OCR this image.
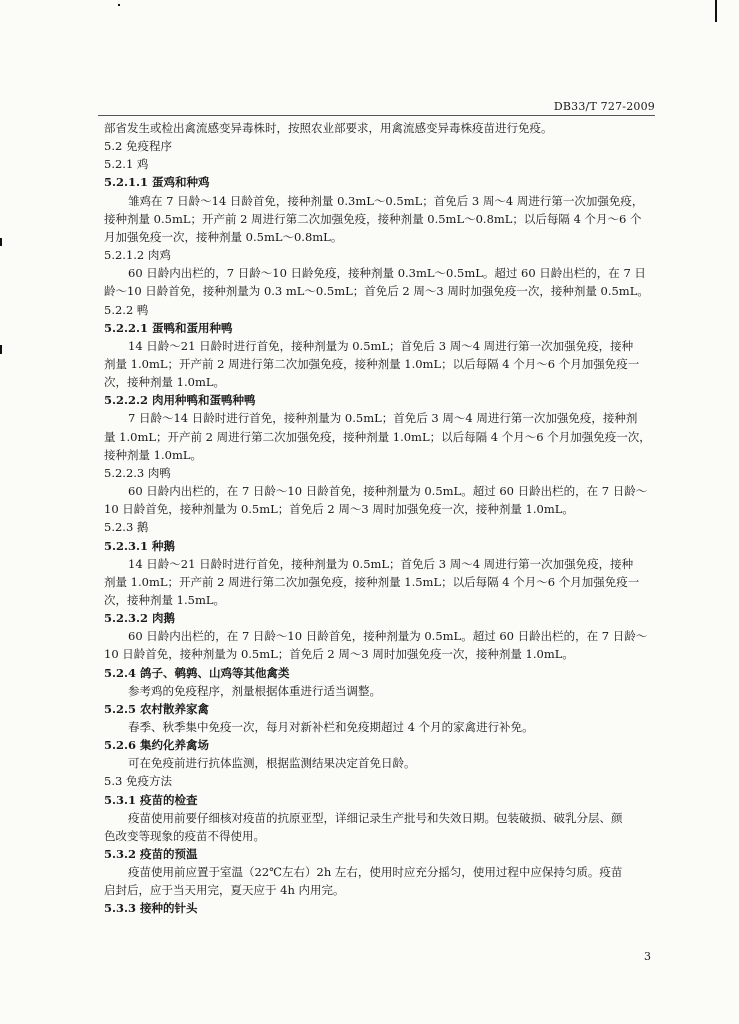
DB33/T 727-2009
部省发生或检出禽流感变异毒株时，按照农业部要求，用禽流感变异毒株疫苗进行免疫。
5.2 免疫程序
5.2.1 鸡
5.2.1.1 蛋鸡和种鸡
雏鸡在 7 日龄～14 日龄首免，接种剂量 0.3mL～0.5mL；首免后 3 周～4 周进行第一次加强免疫，
接种剂量 0.5mL；开产前 2 周进行第二次加强免疫，接种剂量 0.5mL～0.8mL；以后每隔 4 个月～6 个
月加强免疫一次，接种剂量 0.5mL～0.8mL。
5.2.1.2 肉鸡
60 日龄内出栏的，7 日龄～10 日龄免疫，接种剂量 0.3mL～0.5mL。超过 60 日龄出栏的，在 7 日
龄～10 日龄首免，接种剂量为 0.3 mL～0.5mL；首免后 2 周～3 周时加强免疫一次，接种剂量 0.5mL。
5.2.2 鸭
5.2.2.1 蛋鸭和蛋用种鸭
14 日龄～21 日龄时进行首免，接种剂量为 0.5mL；首免后 3 周～4 周进行第一次加强免疫，接种
剂量 1.0mL；开产前 2 周进行第二次加强免疫，接种剂量 1.0mL；以后每隔 4 个月～6 个月加强免疫一
次，接种剂量 1.0mL。
5.2.2.2 肉用种鸭和蛋鸭种鸭
7 日龄～14 日龄时进行首免，接种剂量为 0.5mL；首免后 3 周～4 周进行第一次加强免疫，接种剂
量 1.0mL；开产前 2 周进行第二次加强免疫，接种剂量 1.0mL；以后每隔 4 个月～6 个月加强免疫一次，
接种剂量 1.0mL。
5.2.2.3 肉鸭
60 日龄内出栏的，在 7 日龄～10 日龄首免，接种剂量为 0.5mL。超过 60 日龄出栏的，在 7 日龄～
10 日龄首免，接种剂量为 0.5mL；首免后 2 周～3 周时加强免疫一次，接种剂量 1.0mL。
5.2.3 鹅
5.2.3.1 种鹅
14 日龄～21 日龄时进行首免，接种剂量为 0.5mL；首免后 3 周～4 周进行第一次加强免疫，接种
剂量 1.0mL；开产前 2 周进行第二次加强免疫，接种剂量 1.5mL；以后每隔 4 个月～6 个月加强免疫一
次，接种剂量 1.5mL。
5.2.3.2 肉鹅
60 日龄内出栏的，在 7 日龄～10 日龄首免，接种剂量为 0.5mL。超过 60 日龄出栏的，在 7 日龄～
10 日龄首免，接种剂量为 0.5mL；首免后 2 周～3 周时加强免疫一次，接种剂量 1.0mL。
5.2.4 鸽子、鹌鹑、山鸡等其他禽类
参考鸡的免疫程序，剂量根据体重进行适当调整。
5.2.5 农村散养家禽
春季、秋季集中免疫一次，每月对新补栏和免疫期超过 4 个月的家禽进行补免。
5.2.6 集约化养禽场
可在免疫前进行抗体监测，根据监测结果决定首免日龄。
5.3 免疫方法
5.3.1 疫苗的检查
疫苗使用前要仔细核对疫苗的抗原亚型，详细记录生产批号和失效日期。包装破损、破乳分层、颜
色改变等现象的疫苗不得使用。
5.3.2 疫苗的预温
疫苗使用前应置于室温（22℃左右）2h 左右，使用时应充分摇匀，使用过程中应保持匀质。疫苗
启封后，应于当天用完，夏天应于 4h 内用完。
5.3.3 接种的针头
3
